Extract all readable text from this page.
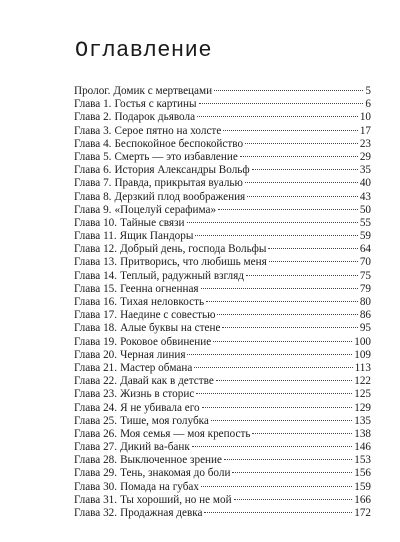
Оглавление
Пролог. Домик с мертвецами	5
Глава 1. Гостья с картины	6
Глава 2. Подарок дьявола	10
Глава 3. Серое пятно на холсте	17
Глава 4. Беспокойное беспокойство	23
Глава 5. Смерть — это избавление	29
Глава 6. История Александры Вольф	35
Глава 7. Правда, прикрытая вуалью	40
Глава 8. Дерзкий плод воображения	43
Глава 9. «Поцелуй серафима»	50
Глава 10. Тайные связи	55
Глава 11. Ящик Пандоры	59
Глава 12. Добрый день, господа Вольфы	64
Глава 13. Притворись, что любишь меня	70
Глава 14. Теплый, радужный взгляд	75
Глава 15. Геенна огненная	79
Глава 16. Тихая неловкость	80
Глава 17. Наедине с совестью	86
Глава 18. Алые буквы на стене	95
Глава 19. Роковое обвинение	100
Глава 20. Черная линия	109
Глава 21. Мастер обмана	113
Глава 22. Давай как в детстве	122
Глава 23. Жизнь в сторис	125
Глава 24. Я не убивала его	129
Глава 25. Тише, моя голубка	135
Глава 26. Моя семья — моя крепость	138
Глава 27. Дикий ва-банк	146
Глава 28. Выключенное зрение	153
Глава 29. Тень, знакомая до боли	156
Глава 30. Помада на губах	159
Глава 31. Ты хороший, но не мой	166
Глава 32. Продажная девка	172
